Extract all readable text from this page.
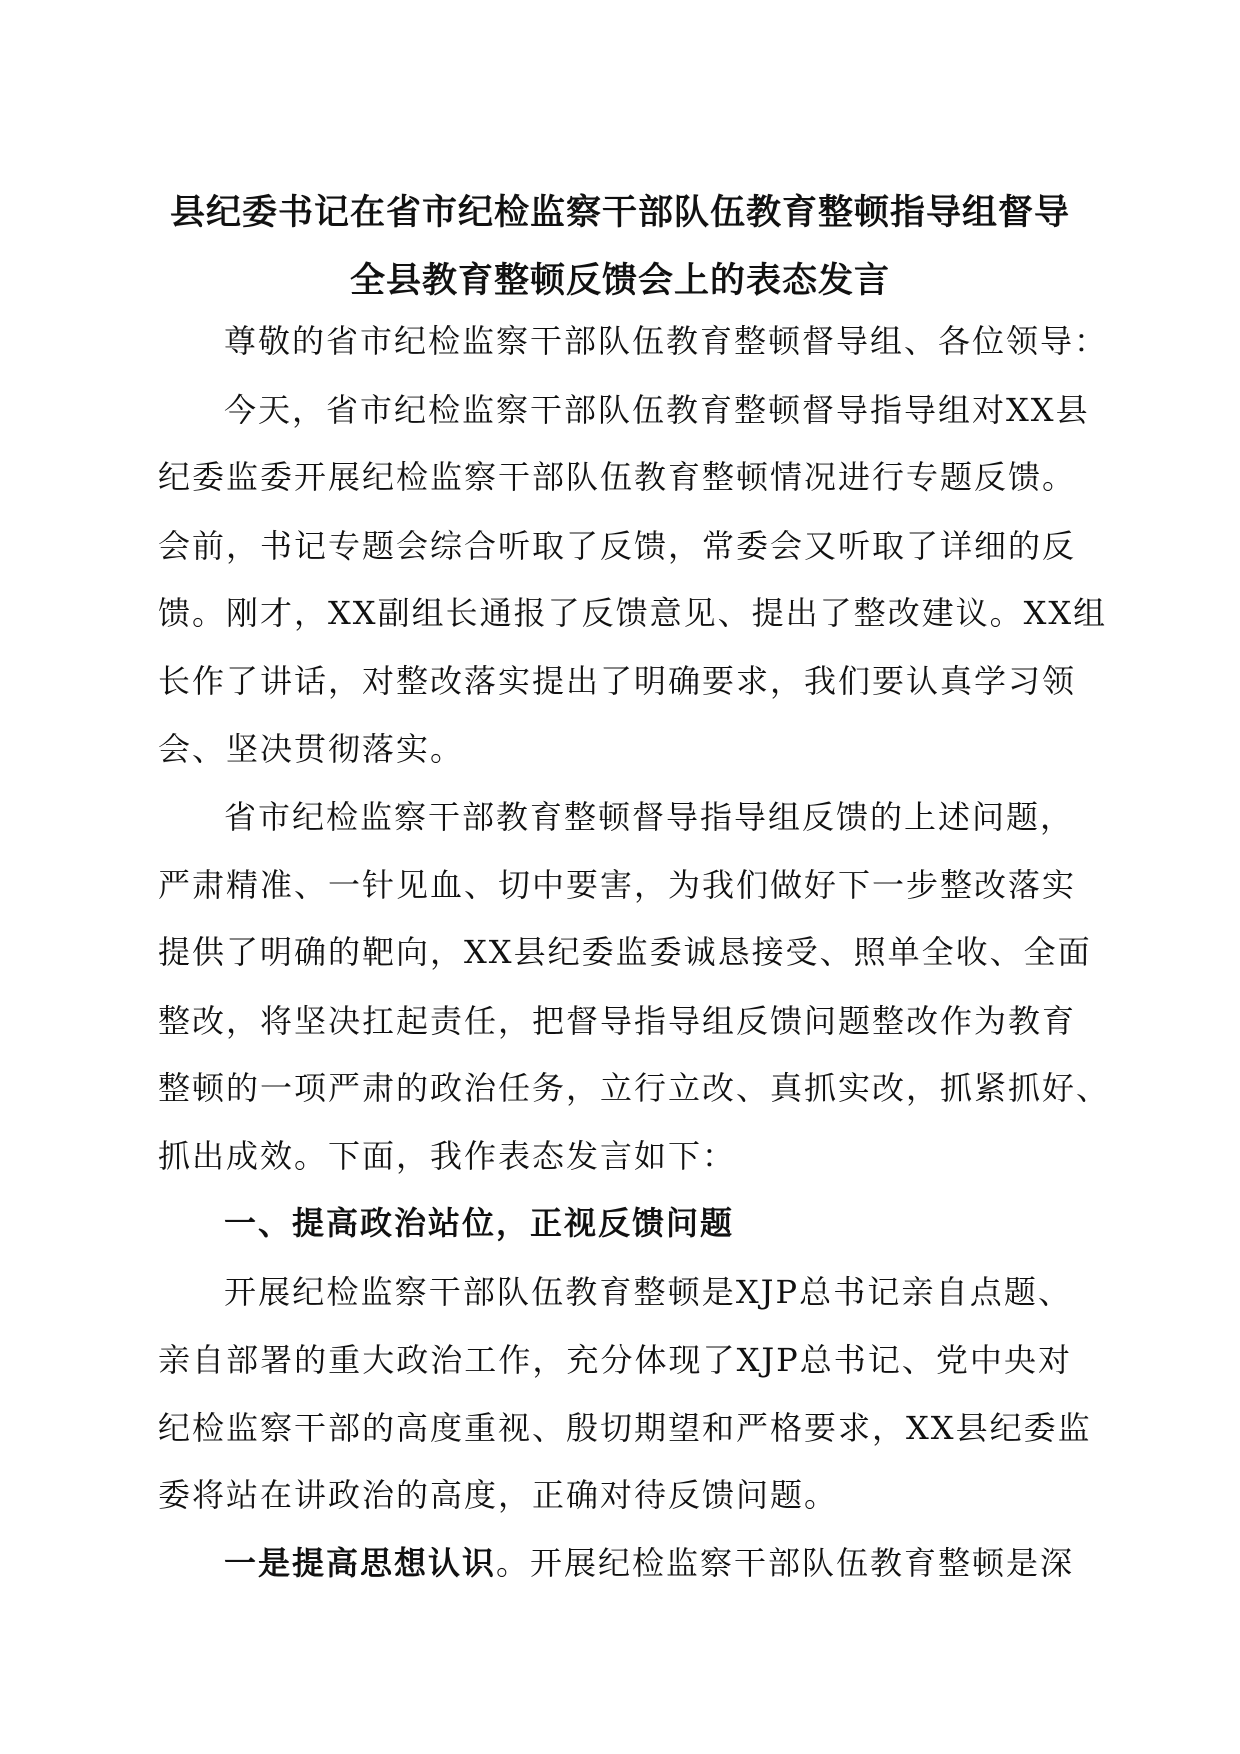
县纪委书记在省市纪检监察干部队伍教育整顿指导组督导
全县教育整顿反馈会上的表态发言
尊敬的省市纪检监察干部队伍教育整顿督导组、各位领导：
今天，省市纪检监察干部队伍教育整顿督导指导组对XX县
纪委监委开展纪检监察干部队伍教育整顿情况进行专题反馈。
会前，书记专题会综合听取了反馈，常委会又听取了详细的反
馈。刚才，XX副组长通报了反馈意见、提出了整改建议。XX组
长作了讲话，对整改落实提出了明确要求，我们要认真学习领
会、坚决贯彻落实。
省市纪检监察干部教育整顿督导指导组反馈的上述问题，
严肃精准、一针见血、切中要害，为我们做好下一步整改落实
提供了明确的靶向，XX县纪委监委诚恳接受、照单全收、全面
整改，将坚决扛起责任，把督导指导组反馈问题整改作为教育
整顿的一项严肃的政治任务，立行立改、真抓实改，抓紧抓好、
抓出成效。下面，我作表态发言如下：
一、提高政治站位，正视反馈问题
开展纪检监察干部队伍教育整顿是XJP总书记亲自点题、
亲自部署的重大政治工作，充分体现了XJP总书记、党中央对
纪检监察干部的高度重视、殷切期望和严格要求，XX县纪委监
委将站在讲政治的高度，正确对待反馈问题。
一是提高思想认识。开展纪检监察干部队伍教育整顿是深
